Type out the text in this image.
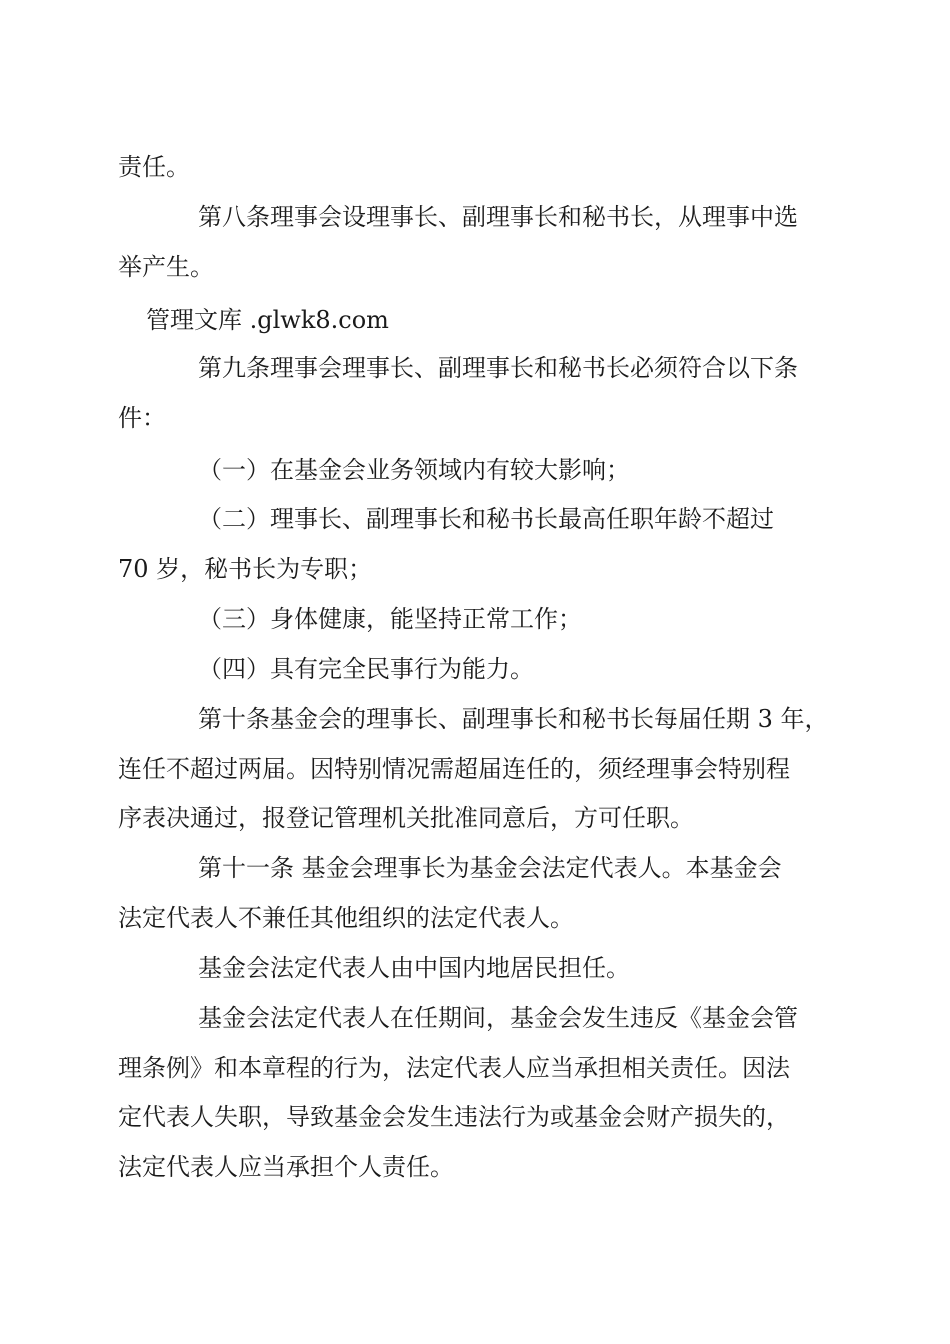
责任。
第八条理事会设理事长、副理事长和秘书长，从理事中选
举产生。
管理文库 .glwk8.com
第九条理事会理事长、副理事长和秘书长必须符合以下条
件：
（一）在基金会业务领域内有较大影响；
（二）理事长、副理事长和秘书长最高任职年龄不超过
70 岁，秘书长为专职；
（三）身体健康，能坚持正常工作；
（四）具有完全民事行为能力。
第十条基金会的理事长、副理事长和秘书长每届任期 3 年，
连任不超过两届。因特别情况需超届连任的，须经理事会特别程
序表决通过，报登记管理机关批准同意后，方可任职。
第十一条 基金会理事长为基金会法定代表人。本基金会
法定代表人不兼任其他组织的法定代表人。
基金会法定代表人由中国内地居民担任。
基金会法定代表人在任期间，基金会发生违反《基金会管
理条例》和本章程的行为，法定代表人应当承担相关责任。因法
定代表人失职，导致基金会发生违法行为或基金会财产损失的，
法定代表人应当承担个人责任。
